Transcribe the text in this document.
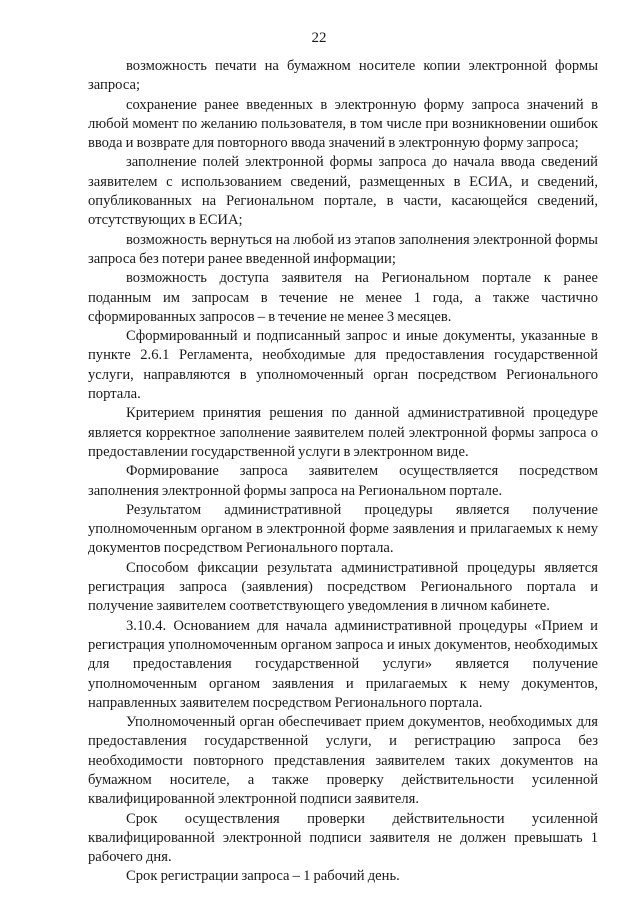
22

возможность печати на бумажном носителе копии электронной формы запроса;

сохранение ранее введенных в электронную форму запроса значений в любой момент по желанию пользователя, в том числе при возникновении ошибок ввода и возврате для повторного ввода значений в электронную форму запроса;

заполнение полей электронной формы запроса до начала ввода сведений заявителем с использованием сведений, размещенных в ЕСИА, и сведений, опубликованных на Региональном портале, в части, касающейся сведений, отсутствующих в ЕСИА;

возможность вернуться на любой из этапов заполнения электронной формы запроса без потери ранее введенной информации;

возможность доступа заявителя на Региональном портале к ранее поданным им запросам в течение не менее 1 года, а также частично сформированных запросов – в течение не менее 3 месяцев.

Сформированный и подписанный запрос и иные документы, указанные в пункте 2.6.1 Регламента, необходимые для предоставления государственной услуги, направляются в уполномоченный орган посредством Регионального портала.

Критерием принятия решения по данной административной процедуре является корректное заполнение заявителем полей электронной формы запроса о предоставлении государственной услуги в электронном виде.

Формирование запроса заявителем осуществляется посредством заполнения электронной формы запроса на Региональном портале.

Результатом административной процедуры является получение уполномоченным органом в электронной форме заявления и прилагаемых к нему документов посредством Регионального портала.

Способом фиксации результата административной процедуры является регистрация запроса (заявления) посредством Регионального портала и получение заявителем соответствующего уведомления в личном кабинете.

3.10.4. Основанием для начала административной процедуры «Прием и регистрация уполномоченным органом запроса и иных документов, необходимых для предоставления государственной услуги» является получение уполномоченным органом заявления и прилагаемых к нему документов, направленных заявителем посредством Регионального портала.

Уполномоченный орган обеспечивает прием документов, необходимых для предоставления государственной услуги, и регистрацию запроса без необходимости повторного представления заявителем таких документов на бумажном носителе, а также проверку действительности усиленной квалифицированной электронной подписи заявителя.

Срок осуществления проверки действительности усиленной квалифицированной электронной подписи заявителя не должен превышать 1 рабочего дня.

Срок регистрации запроса – 1 рабочий день.
